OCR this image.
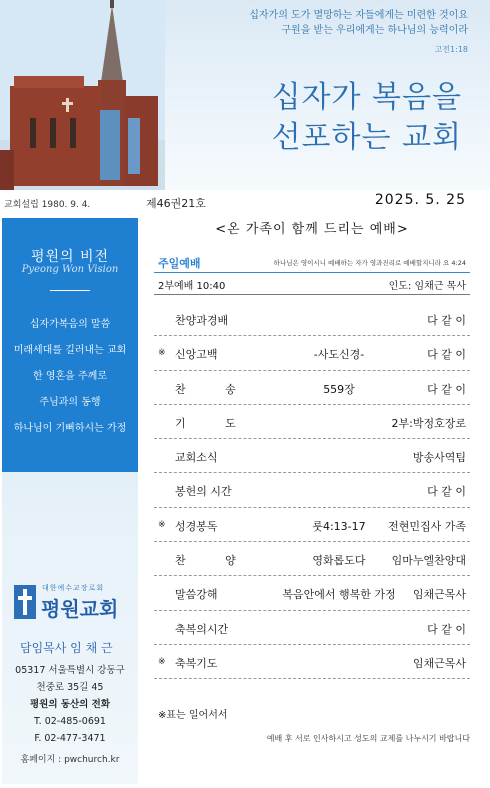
십자가의 도가 멸망하는 자들에게는 미련한 것이요
구원을 받는 우리에게는 하나님의 능력이라
고전1:18
십자가 복음을
선포하는 교회
교회설립 1980. 9. 4.	제46권21호	2025. 5. 25
평원의 비전
Pyeong Won Vision
십자가복음의 말씀
미래세대를 길러내는 교회
한 영혼을 주께로
주님과의 동행
하나님이 기뻐하시는 가정
대한예수교장로회
평원교회
담임목사 임 채 근
05317 서울특별시 강동구
천중로 35길 45
평원의 동산의 전화
T. 02-485-0691
F. 02-477-3471
홈페이지 : pwchurch.kr
<온 가족이 함께 드리는 예배>
주일예배	하나님은 영이시니 예배하는 자가 영과진리로 예배할지니라 요 4:24
2부예배 10:40	인도: 임채근 목사
찬양과경배	다 같 이
※ 신앙고백	-사도신경-	다 같 이
찬 송	559장	다 같 이
기 도	2부:박정호장로
교회소식	방송사역팀
봉헌의 시간	다 같 이
※ 성경봉독	룻4:13-17	전현민집사 가족
찬 양	영화롭도다	임마누엘찬양대
말씀강해	복음안에서 행복한 가정	임채근목사
축복의시간	다 같 이
※ 축복기도	임채근목사
※표는 일어서서
예배 후 서로 인사하시고 성도의 교제를 나누시기 바랍니다
